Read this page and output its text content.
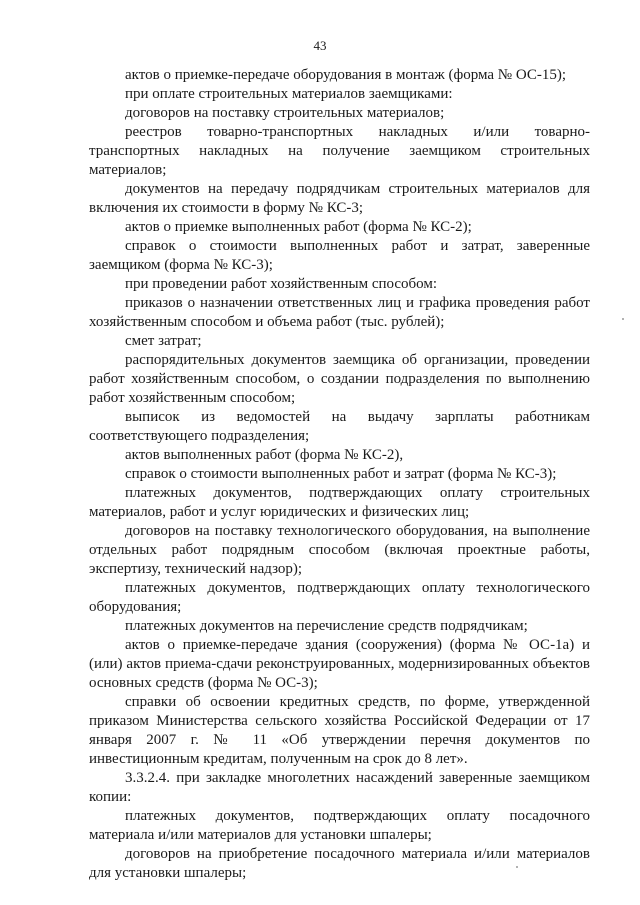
43

актов о приемке-передаче оборудования в монтаж (форма № ОС-15);

при оплате строительных материалов заемщиками:

договоров на поставку строительных материалов;

реестров товарно-транспортных накладных и/или товарно-транспортных накладных на получение заемщиком строительных материалов;

документов на передачу подрядчикам строительных материалов для включения их стоимости в форму № КС-3;

актов о приемке выполненных работ (форма № КС-2);

справок о стоимости выполненных работ и затрат, заверенные заемщиком (форма № КС-3);

при проведении работ хозяйственным способом:

приказов о назначении ответственных лиц и графика проведения работ хозяйственным способом и объема работ (тыс. рублей);

смет затрат;

распорядительных документов заемщика об организации, проведении работ хозяйственным способом, о создании подразделения по выполнению работ хозяйственным способом;

выписок из ведомостей на выдачу зарплаты работникам соответствующего подразделения;

актов выполненных работ (форма № КС-2),

справок о стоимости выполненных работ и затрат (форма № КС-3);

платежных документов, подтверждающих оплату строительных материалов, работ и услуг юридических и физических лиц;

договоров на поставку технологического оборудования, на выполнение отдельных работ подрядным способом (включая проектные работы, экспертизу, технический надзор);

платежных документов, подтверждающих оплату технологического оборудования;

платежных документов на перечисление средств подрядчикам;

актов о приемке-передаче здания (сооружения) (форма № ОС-1а) и (или) актов приема-сдачи реконструированных, модернизированных объектов основных средств (форма № ОС-3);

справки об освоении кредитных средств, по форме, утвержденной приказом Министерства сельского хозяйства Российской Федерации от 17 января 2007 г. № 11 «Об утверждении перечня документов по инвестиционным кредитам, полученным на срок до 8 лет».

3.3.2.4. при закладке многолетних насаждений заверенные заемщиком копии:

платежных документов, подтверждающих оплату посадочного материала и/или материалов для установки шпалеры;

договоров на приобретение посадочного материала и/или материалов для установки шпалеры;
